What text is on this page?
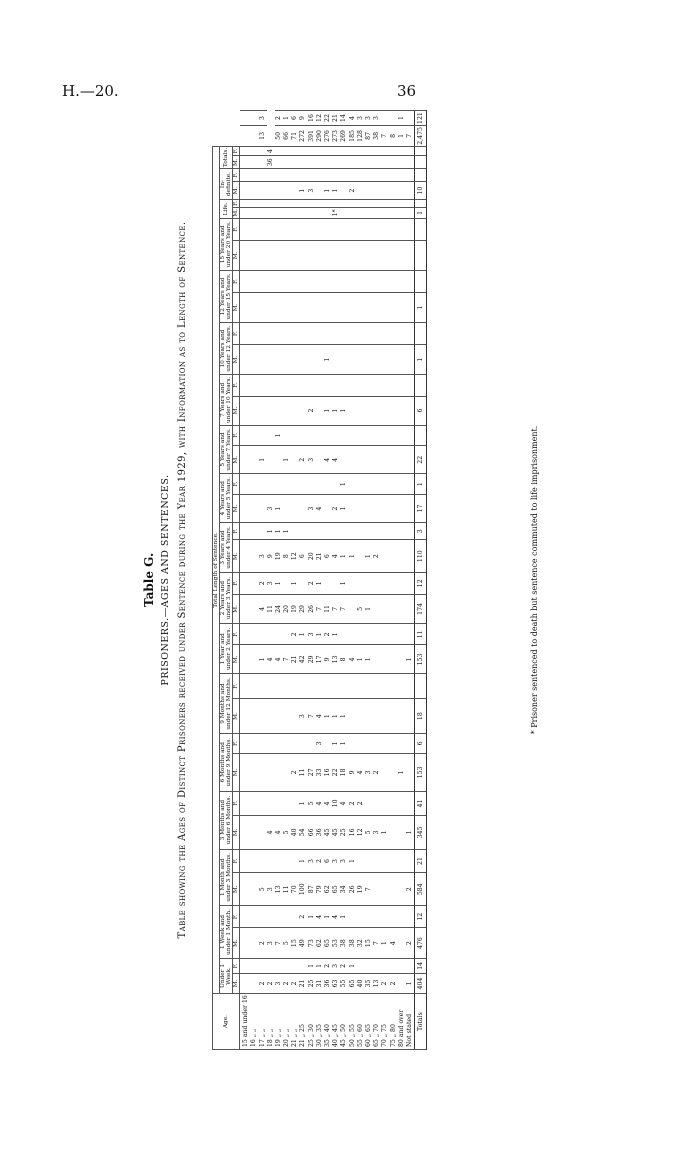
H.—20.	36
Table G. PRISONERS.—AGES AND SENTENCES. Table showing the Ages of Distinct Prisoners received under Sentence during the Year 1929, with Information as to Length of Sentence.
Age.	Total Length of Sentence.																																					
	Under 1 Week.		1 Week and under 1 Month.		1 Month and under 3 Months.		3 Months and under 6 Months.		6 Months and under 9 Months.		9 Months and under 12 Months.		1 Year and under 2 Years.		2 Years and under 3 Years.		3 Years and under 4 Years.		4 Years and under 5 Years.		5 Years and under 7 Years.		7 Years and under 10 Years.		10 Years and under 12 Years.		12 Years and under 15 Years.		15 Years and under 20 Years.		Life.		In-definite.		Totals.			
	M.	F.	M.	F.	M.	F.	M.	F.	M.	F.	M.	F.	M.	F.	M.	F.	M.	F.	M.	F.	M.	F.	M.	F.	M.	F.	M.	F.	M.	F.	M.	F.	M.	F.	M.	F.		
15 and under 16																																						
16 „ „																																						
17 „ „	2		2		5								1		4	2	3				1																13	3
18 „ „	2		3		3		4						4		11	3	9	1	3																36	4		
19 „ „	3		7		13		4						4		24	1	19	1	1			1															50	2
20 „ „	2		5		11		5						7		20		8	1			1																66	1
21 „ „	2		15		70		40		2				21	2	19	1	12																				71	6
21 „ 25	21		49	2	100	1	54	1	11		3		42	1	29		6				2												1				272	9
25 „ 30	25	1	73	1	87	3	66	5	27		7		29	3	26	2	20		3		3		2										3				391	16
30 „ 35	31	1	62	4	79	2	36	4	33	3	4		17	1	7	1	21		4																		290	12
35 „ 40	36	2	65	1	62	6	45	4	16		1		9	2	11		6				4		1		1								1				276	22
40 „ 45	63	3	53	4	65	3	45	10	22	1	1		13	1	7		4		2		4		1								1*		1				273	21
45 „ 50	55	2	38	1	34	3	25	4	18	1	1		8		7	1	1		1	1			1														269	14
50 „ 55	65	1	38		26	1	16	2	9				4				1																2				185	4
55 „ 60	40		32		19		12	2	4				1		5																						128	3
60 „ 65	35		15		7		5		3				1		1		1																				87	3
65 „ 70	13		7				3		2								2																				38	3
70 „ 75	2		1				1																														7	
75 „ 80	2		4																																		8	
80 and over									1																												1	1
Not stated	1		2		2		1						1																								7	
Totals	404	14	476	12	584	21	345	41	153	6	18		153	11	174	12	110	3	17	1	22		6		1		1				1		10				2,475	121
* Prisoner sentenced to death but sentence commuted to life imprisonment.
